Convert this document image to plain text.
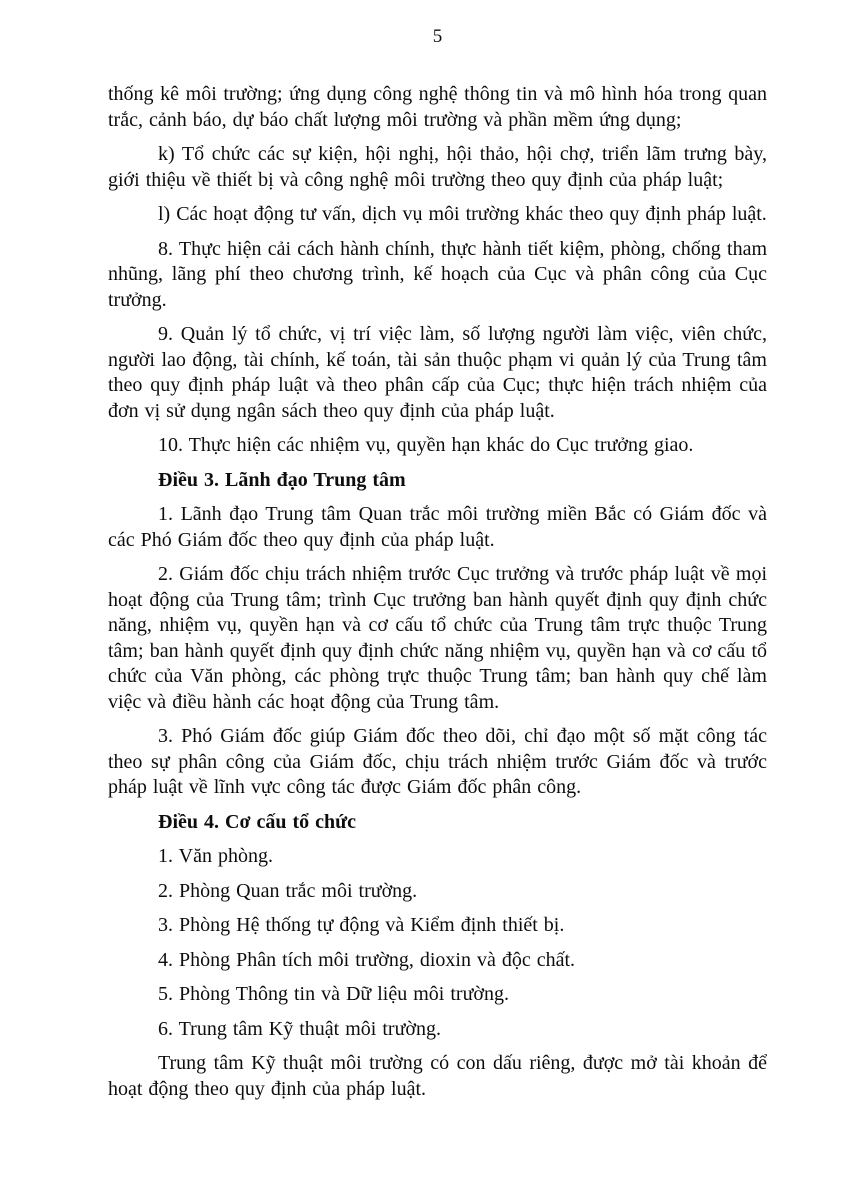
5

thống kê môi trường; ứng dụng công nghệ thông tin và mô hình hóa trong quan trắc, cảnh báo, dự báo chất lượng môi trường và phần mềm ứng dụng;

k) Tổ chức các sự kiện, hội nghị, hội thảo, hội chợ, triển lãm trưng bày, giới thiệu về thiết bị và công nghệ môi trường theo quy định của pháp luật;

l) Các hoạt động tư vấn, dịch vụ môi trường khác theo quy định pháp luật.

8. Thực hiện cải cách hành chính, thực hành tiết kiệm, phòng, chống tham nhũng, lãng phí theo chương trình, kế hoạch của Cục và phân công của Cục trưởng.

9. Quản lý tổ chức, vị trí việc làm, số lượng người làm việc, viên chức, người lao động, tài chính, kế toán, tài sản thuộc phạm vi quản lý của Trung tâm theo quy định pháp luật và theo phân cấp của Cục; thực hiện trách nhiệm của đơn vị sử dụng ngân sách theo quy định của pháp luật.

10. Thực hiện các nhiệm vụ, quyền hạn khác do Cục trưởng giao.

Điều 3. Lãnh đạo Trung tâm

1. Lãnh đạo Trung tâm Quan trắc môi trường miền Bắc có Giám đốc và các Phó Giám đốc theo quy định của pháp luật.

2. Giám đốc chịu trách nhiệm trước Cục trưởng và trước pháp luật về mọi hoạt động của Trung tâm; trình Cục trưởng ban hành quyết định quy định chức năng, nhiệm vụ, quyền hạn và cơ cấu tổ chức của Trung tâm trực thuộc Trung tâm; ban hành quyết định quy định chức năng nhiệm vụ, quyền hạn và cơ cấu tổ chức của Văn phòng, các phòng trực thuộc Trung tâm; ban hành quy chế làm việc và điều hành các hoạt động của Trung tâm.

3. Phó Giám đốc giúp Giám đốc theo dõi, chỉ đạo một số mặt công tác theo sự phân công của Giám đốc, chịu trách nhiệm trước Giám đốc và trước pháp luật về lĩnh vực công tác được Giám đốc phân công.

Điều 4. Cơ cấu tổ chức

1. Văn phòng.

2. Phòng Quan trắc môi trường.

3. Phòng Hệ thống tự động và Kiểm định thiết bị.

4. Phòng Phân tích môi trường, dioxin và độc chất.

5. Phòng Thông tin và Dữ liệu môi trường.

6. Trung tâm Kỹ thuật môi trường.

Trung tâm Kỹ thuật môi trường có con dấu riêng, được mở tài khoản để hoạt động theo quy định của pháp luật.
